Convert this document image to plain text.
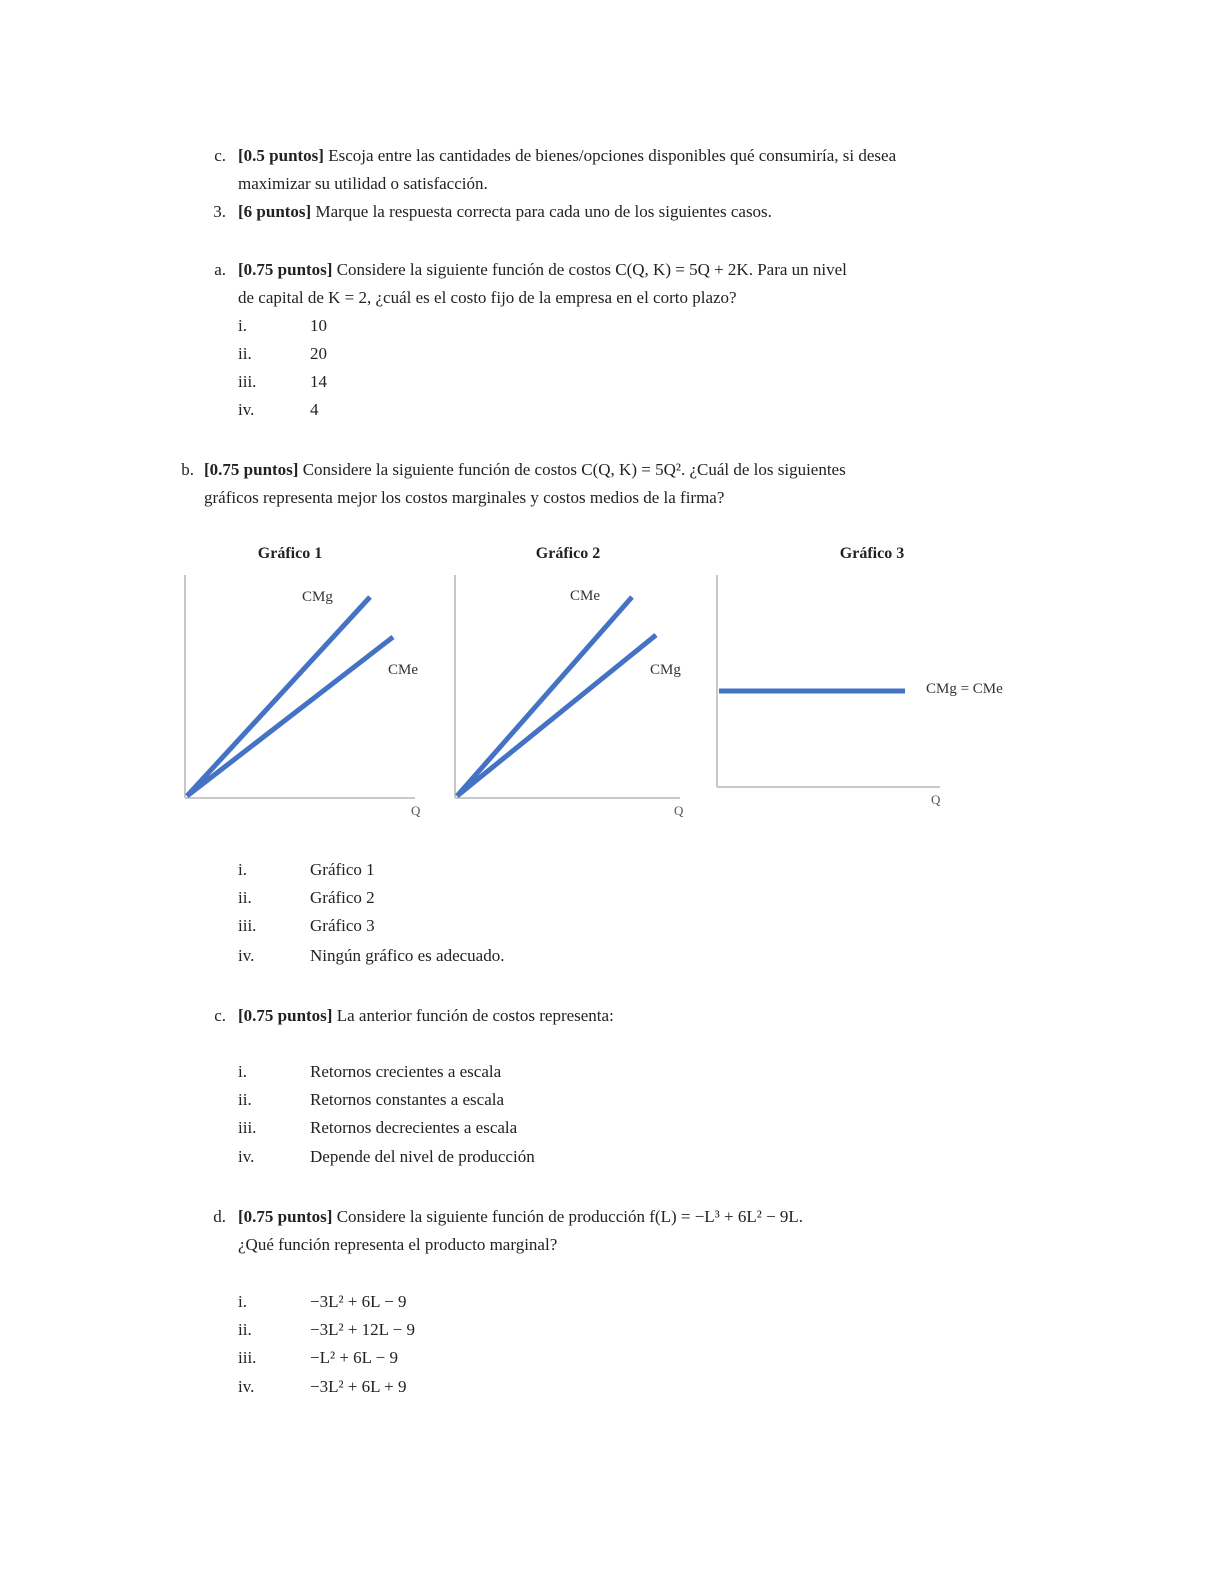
c. [0.5 puntos] Escoja entre las cantidades de bienes/opciones disponibles qué consumiría, si desea
maximizar su utilidad o satisfacción.
3. [6 puntos] Marque la respuesta correcta para cada uno de los siguientes casos.
a. [0.75 puntos] Considere la siguiente función de costos C(Q, K) = 5Q + 2K. Para un nivel
de capital de K = 2, ¿cuál es el costo fijo de la empresa en el corto plazo?
i.	10
ii.	20
iii.	14
iv.	4
b. [0.75 puntos] Considere la siguiente función de costos C(Q, K) = 5Q². ¿Cuál de los siguientes
gráficos representa mejor los costos marginales y costos medios de la firma?
Gráfico 1	Gráfico 2	Gráfico 3
CMg
CMe
Q
CMe
CMg
Q
CMg = CMe
Q
i.	Gráfico 1
ii.	Gráfico 2
iii.	Gráfico 3
iv.	Ningún gráfico es adecuado.
c. [0.75 puntos] La anterior función de costos representa:
i.	Retornos crecientes a escala
ii.	Retornos constantes a escala
iii.	Retornos decrecientes a escala
iv.	Depende del nivel de producción
d. [0.75 puntos] Considere la siguiente función de producción f(L) = −L³ + 6L² − 9L.
¿Qué función representa el producto marginal?
i.	−3L² + 6L − 9
ii.	−3L² + 12L − 9
iii.	−L² + 6L − 9
iv.	−3L² + 6L + 9
